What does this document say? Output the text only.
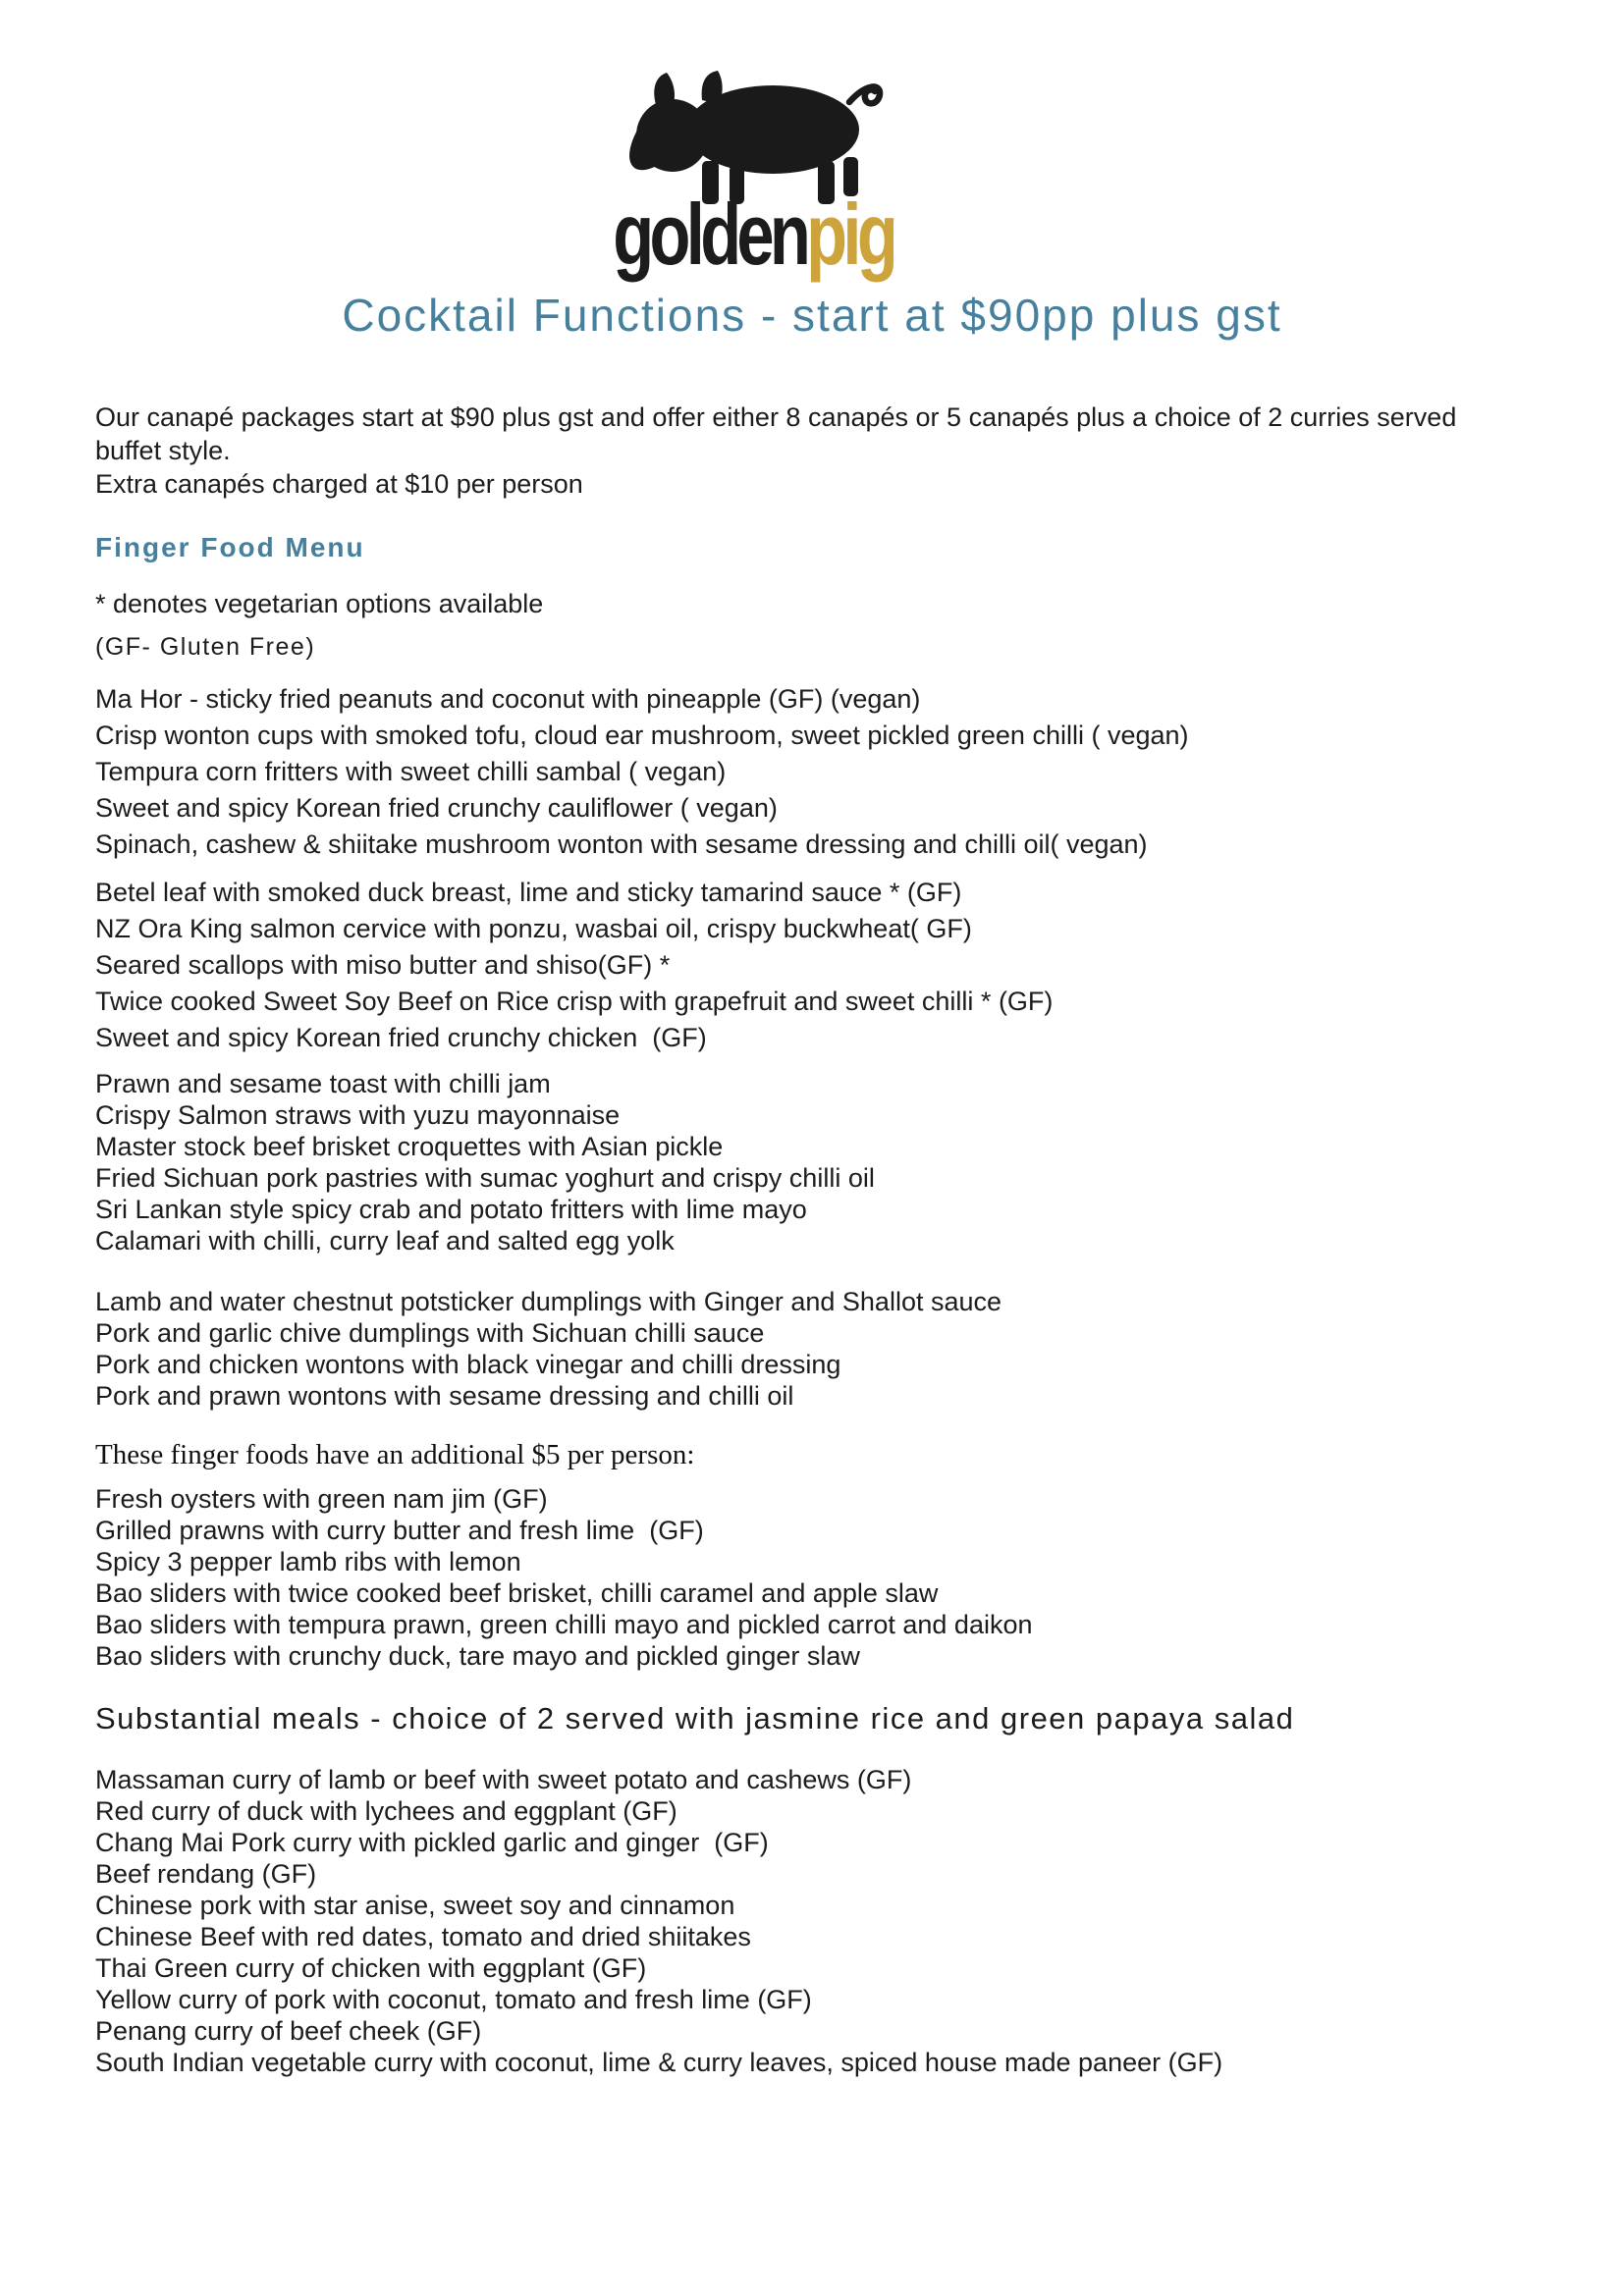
goldenpig
Cocktail Functions - start at $90pp plus gst

Our canapé packages start at $90 plus gst and offer either 8 canapés or 5 canapés plus a choice of 2 curries served buffet style.

Extra canapés charged at $10 per person

Finger Food Menu

* denotes vegetarian options available

(GF- Gluten Free)

Ma Hor - sticky fried peanuts and coconut with pineapple (GF) (vegan)
Crisp wonton cups with smoked tofu, cloud ear mushroom, sweet pickled green chilli ( vegan)
Tempura corn fritters with sweet chilli sambal ( vegan)
Sweet and spicy Korean fried crunchy cauliflower ( vegan)
Spinach, cashew & shiitake mushroom wonton with sesame dressing and chilli oil( vegan)
Betel leaf with smoked duck breast, lime and sticky tamarind sauce * (GF)
NZ Ora King salmon cervice with ponzu, wasbai oil, crispy buckwheat( GF)
Seared scallops with miso butter and shiso(GF) *
Twice cooked Sweet Soy Beef on Rice crisp with grapefruit and sweet chilli * (GF)
Sweet and spicy Korean fried crunchy chicken  (GF)
Prawn and sesame toast with chilli jam
Crispy Salmon straws with yuzu mayonnaise
Master stock beef brisket croquettes with Asian pickle
Fried Sichuan pork pastries with sumac yoghurt and crispy chilli oil
Sri Lankan style spicy crab and potato fritters with lime mayo
Calamari with chilli, curry leaf and salted egg yolk
Lamb and water chestnut potsticker dumplings with Ginger and Shallot sauce
Pork and garlic chive dumplings with Sichuan chilli sauce
Pork and chicken wontons with black vinegar and chilli dressing
Pork and prawn wontons with sesame dressing and chilli oil

These finger foods have an additional $5 per person:

Fresh oysters with green nam jim (GF)
Grilled prawns with curry butter and fresh lime  (GF)
Spicy 3 pepper lamb ribs with lemon
Bao sliders with twice cooked beef brisket, chilli caramel and apple slaw
Bao sliders with tempura prawn, green chilli mayo and pickled carrot and daikon
Bao sliders with crunchy duck, tare mayo and pickled ginger slaw
Substantial meals - choice of 2 served with jasmine rice and green papaya salad
Massaman curry of lamb or beef with sweet potato and cashews (GF)
Red curry of duck with lychees and eggplant (GF)
Chang Mai Pork curry with pickled garlic and ginger  (GF)
Beef rendang (GF)
Chinese pork with star anise, sweet soy and cinnamon
Chinese Beef with red dates, tomato and dried shiitakes
Thai Green curry of chicken with eggplant (GF)
Yellow curry of pork with coconut, tomato and fresh lime (GF)
Penang curry of beef cheek (GF)
South Indian vegetable curry with coconut, lime & curry leaves, spiced house made paneer (GF)
